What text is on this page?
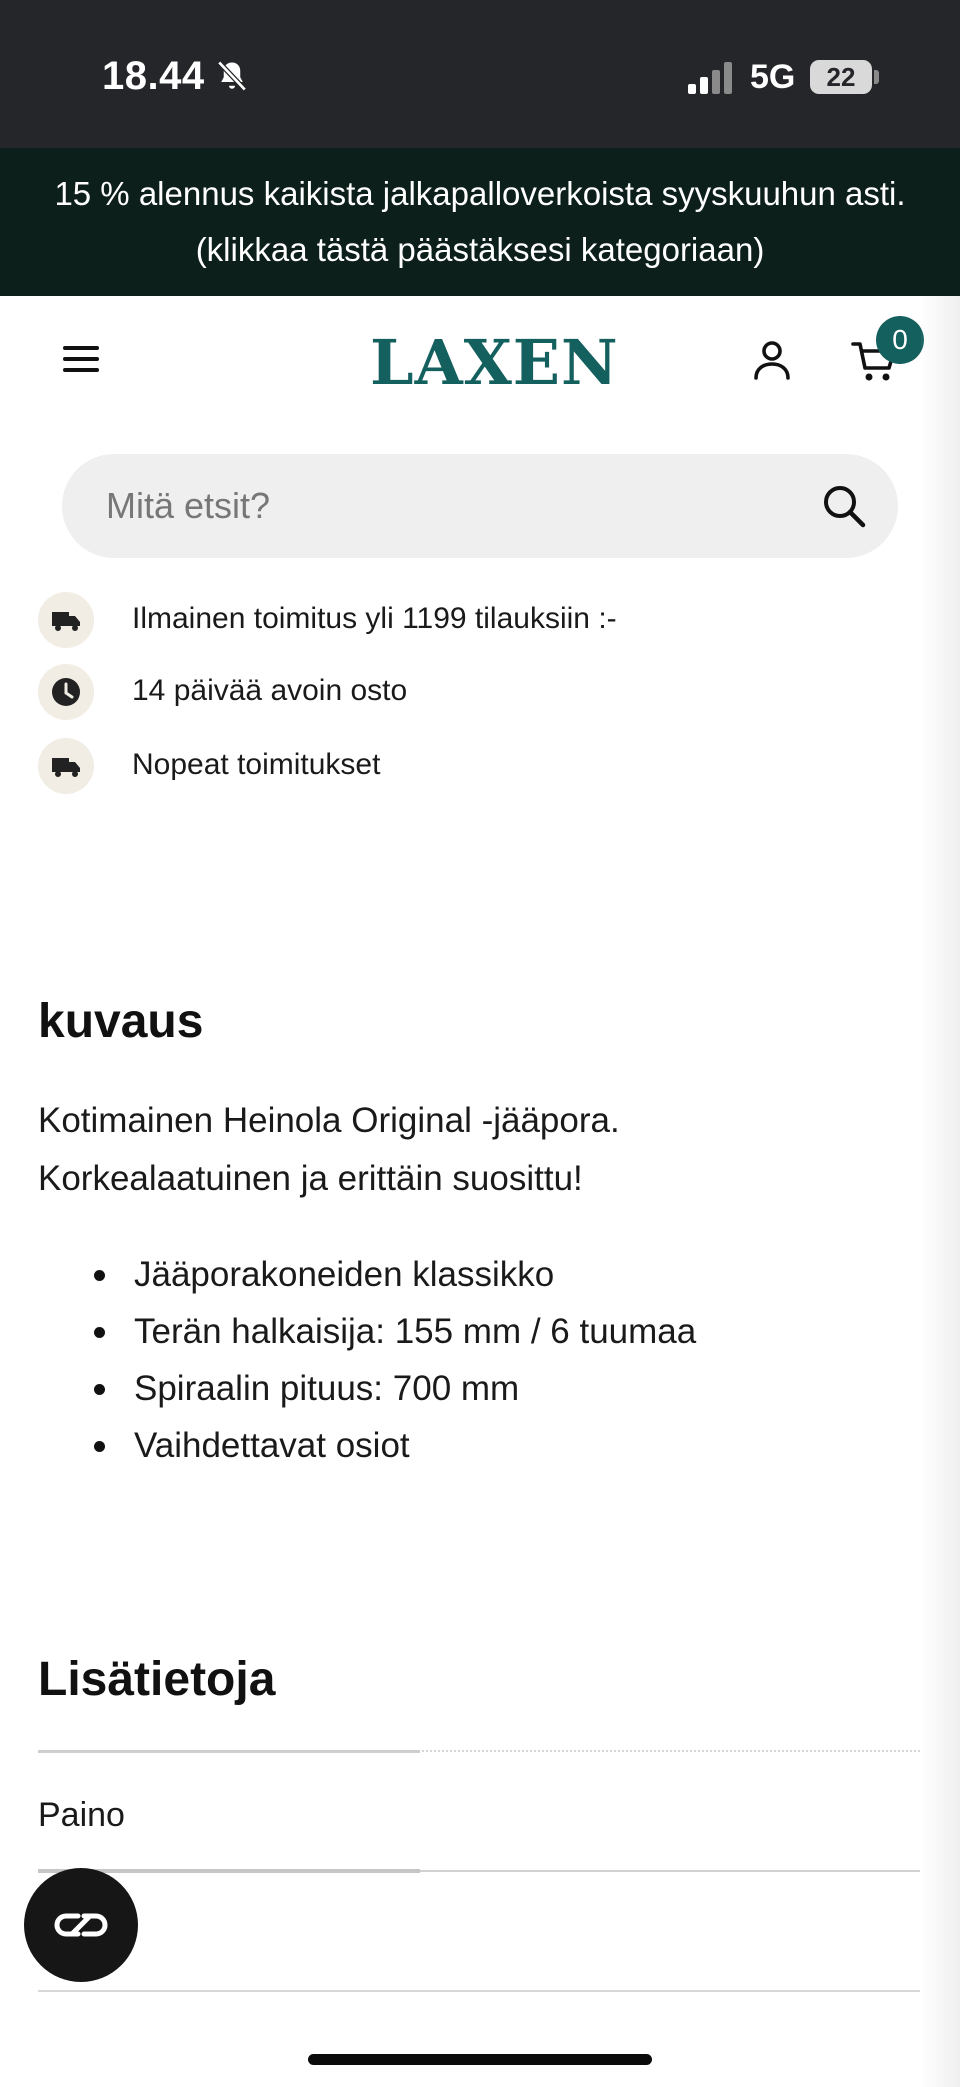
18.44	5G	22
15 % alennus kaikista jalkapalloverkoista syyskuuhun asti.
(klikkaa tästä päästäksesi kategoriaan)
LAXEN	0
Mitä etsit?
Ilmainen toimitus yli 1199 tilauksiin :-
14 päivää avoin osto
Nopeat toimitukset
kuvaus
Kotimainen Heinola Original -jääpora.
Korkealaatuinen ja erittäin suosittu!
Jääporakoneiden klassikko
Terän halkaisija: 155 mm / 6 tuumaa
Spiraalin pituus: 700 mm
Vaihdettavat osiot
Lisätietoja
Paino
